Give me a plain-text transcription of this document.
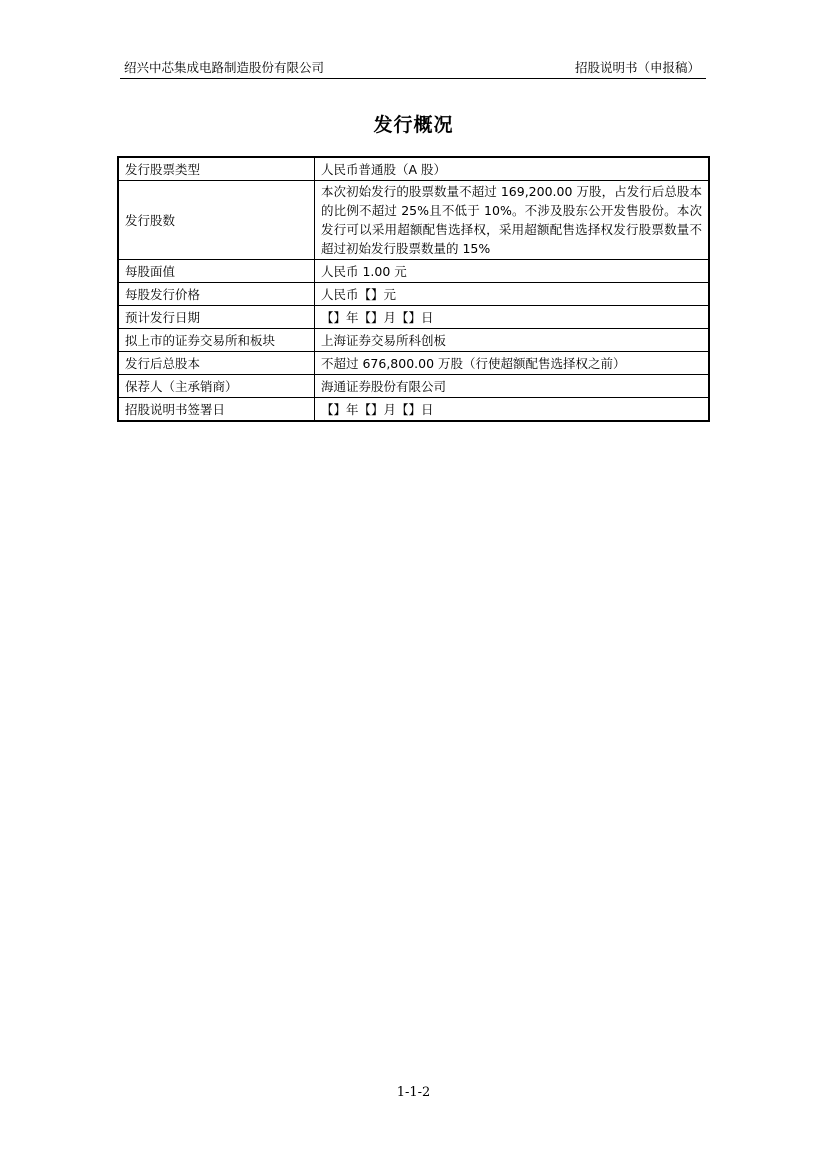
绍兴中芯集成电路制造股份有限公司	招股说明书（申报稿）
发行概况
发行股票类型	人民币普通股（A 股）
发行股数	本次初始发行的股票数量不超过 169,200.00 万股，占发行后总股本的比例不超过 25%且不低于 10%。不涉及股东公开发售股份。本次发行可以采用超额配售选择权，采用超额配售选择权发行股票数量不超过初始发行股票数量的 15%
每股面值	人民币 1.00 元
每股发行价格	人民币【】元
预计发行日期	【】年【】月【】日
拟上市的证券交易所和板块	上海证券交易所科创板
发行后总股本	不超过 676,800.00 万股（行使超额配售选择权之前）
保荐人（主承销商）	海通证券股份有限公司
招股说明书签署日	【】年【】月【】日
1-1-2
